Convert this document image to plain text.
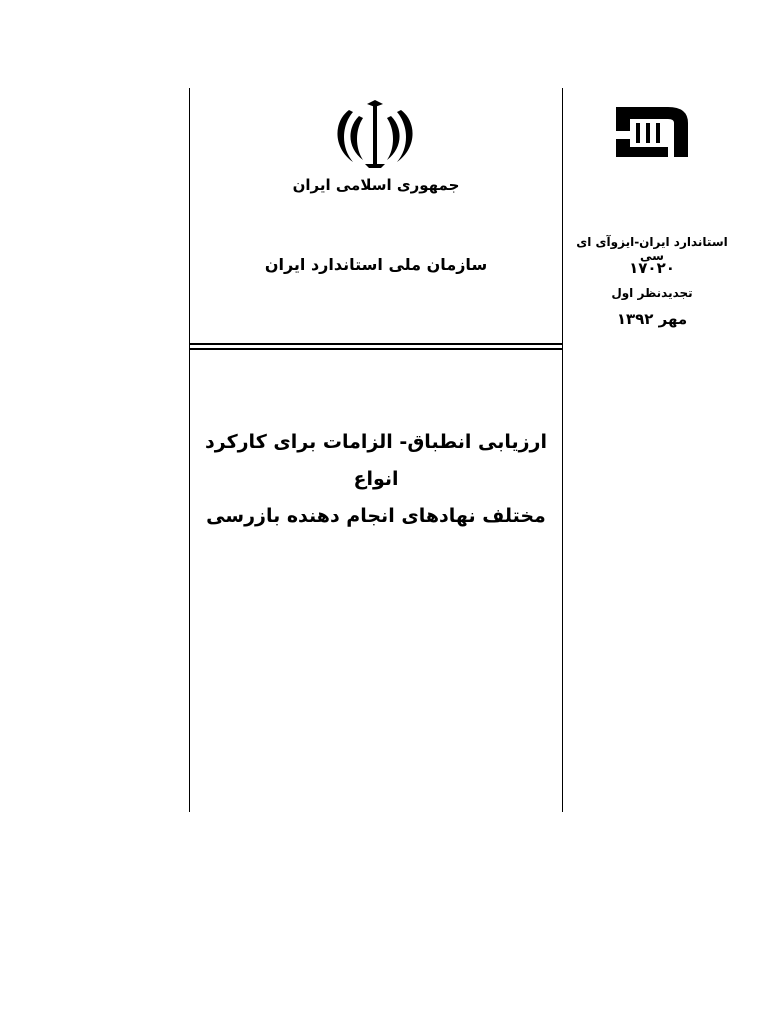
جمهوری اسلامی ایران
سازمان ملی استاندارد ایران
ارزیابی انطباق- الزامات برای کارکرد انواع
مختلف نهادهای انجام دهنده بازرسی
استاندارد ایران-ایزوآی ای سی
۱۷۰۲۰
تجدیدنظر اول
مهر ۱۳۹۲
